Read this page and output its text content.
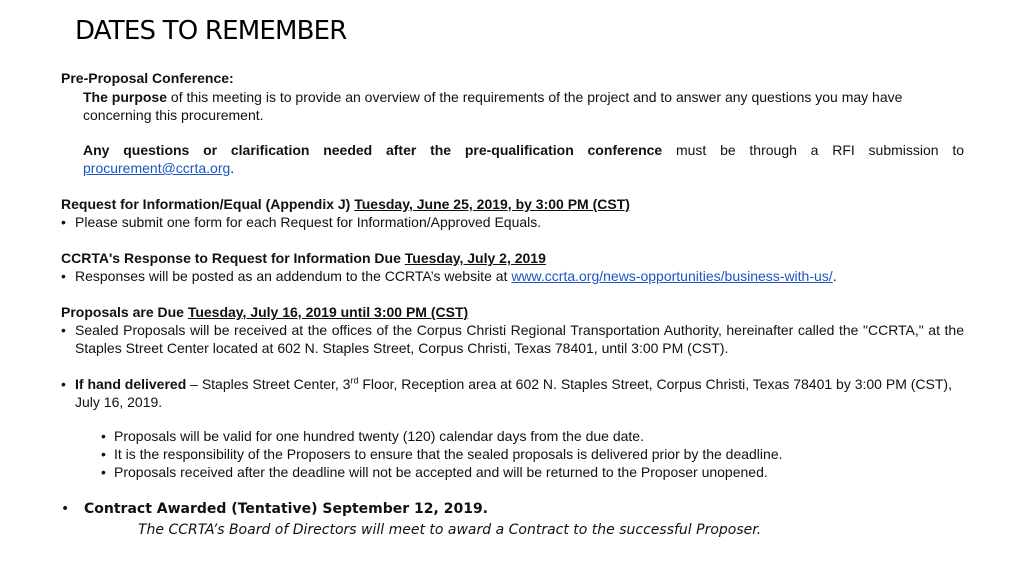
DATES TO REMEMBER
Pre-Proposal Conference:
The purpose of this meeting is to provide an overview of the requirements of the project and to answer any questions you may have concerning this procurement.
Any questions or clarification needed after the pre-qualification conference must be through a RFI submission to procurement@ccrta.org.
Request for Information/Equal (Appendix J) Tuesday, June 25, 2019, by 3:00 PM (CST)
• Please submit one form for each Request for Information/Approved Equals.
CCRTA's Response to Request for Information Due Tuesday, July 2, 2019
• Responses will be posted as an addendum to the CCRTA’s website at www.ccrta.org/news-opportunities/business-with-us/.
Proposals are Due Tuesday, July 16, 2019 until 3:00 PM (CST)
• Sealed Proposals will be received at the offices of the Corpus Christi Regional Transportation Authority, hereinafter called the "CCRTA," at the Staples Street Center located at 602 N. Staples Street, Corpus Christi, Texas 78401, until 3:00 PM (CST).
• If hand delivered – Staples Street Center, 3rd Floor, Reception area at 602 N. Staples Street, Corpus Christi, Texas 78401 by 3:00 PM (CST), July 16, 2019.
• Proposals will be valid for one hundred twenty (120) calendar days from the due date.
• It is the responsibility of the Proposers to ensure that the sealed proposals is delivered prior by the deadline.
• Proposals received after the deadline will not be accepted and will be returned to the Proposer unopened.
• Contract Awarded (Tentative) September 12, 2019.
The CCRTA’s Board of Directors will meet to award a Contract to the successful Proposer.
